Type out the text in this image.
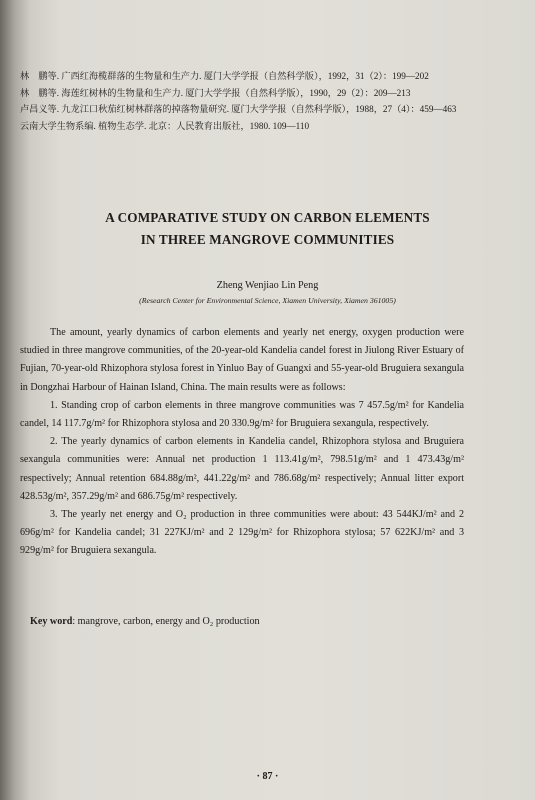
林　鹏等. 广西红海榄群落的生物量和生产力. 厦门大学学报（自然科学版），1992，31（2）：199—202
林　鹏等. 海莲红树林的生物量和生产力. 厦门大学学报（自然科学版），1990，29（2）：209—213
卢昌义等. 九龙江口秋茄红树林群落的掉落物量研究. 厦门大学学报（自然科学版），1988，27（4）：459—463
云南大学生物系编. 植物生态学. 北京：人民教育出版社，1980. 109—110
A COMPARATIVE STUDY ON CARBON ELEMENTS
IN THREE MANGROVE COMMUNITIES
Zheng Wenjiao Lin Peng
(Research Center for Environmental Science, Xiamen University, Xiamen 361005)

The amount, yearly dynamics of carbon elements and yearly net energy, oxygen production were studied in three mangrove communities, of the 20-year-old Kandelia candel forest in Jiulong River Estuary of Fujian, 70-year-old Rhizophora stylosa forest in Yinluo Bay of Guangxi and 55-year-old Bruguiera sexangula in Dongzhai Harbour of Hainan Island, China. The main results were as follows:

1. Standing crop of carbon elements in three mangrove communities was 7 457.5g/m² for Kandelia candel, 14 117.7g/m² for Rhizophora stylosa and 20 330.9g/m² for Bruguiera sexangula, respectively.

2. The yearly dynamics of carbon elements in Kandelia candel, Rhizophora stylosa and Bruguiera sexangula communities were: Annual net production 1 113.41g/m², 798.51g/m² and 1 473.43g/m² respectively; Annual retention 684.88g/m², 441.22g/m² and 786.68g/m² respectively; Annual litter export 428.53g/m², 357.29g/m² and 686.75g/m² respectively.

3. The yearly net energy and O₂ production in three communities were about: 43 544KJ/m² and 2 696g/m² for Kandelia candel; 31 227KJ/m² and 2 129g/m² for Rhizophora stylosa; 57 622KJ/m² and 3 929g/m² for Bruguiera sexangula.

Key word: mangrove, carbon, energy and O₂ production
· 87 ·
